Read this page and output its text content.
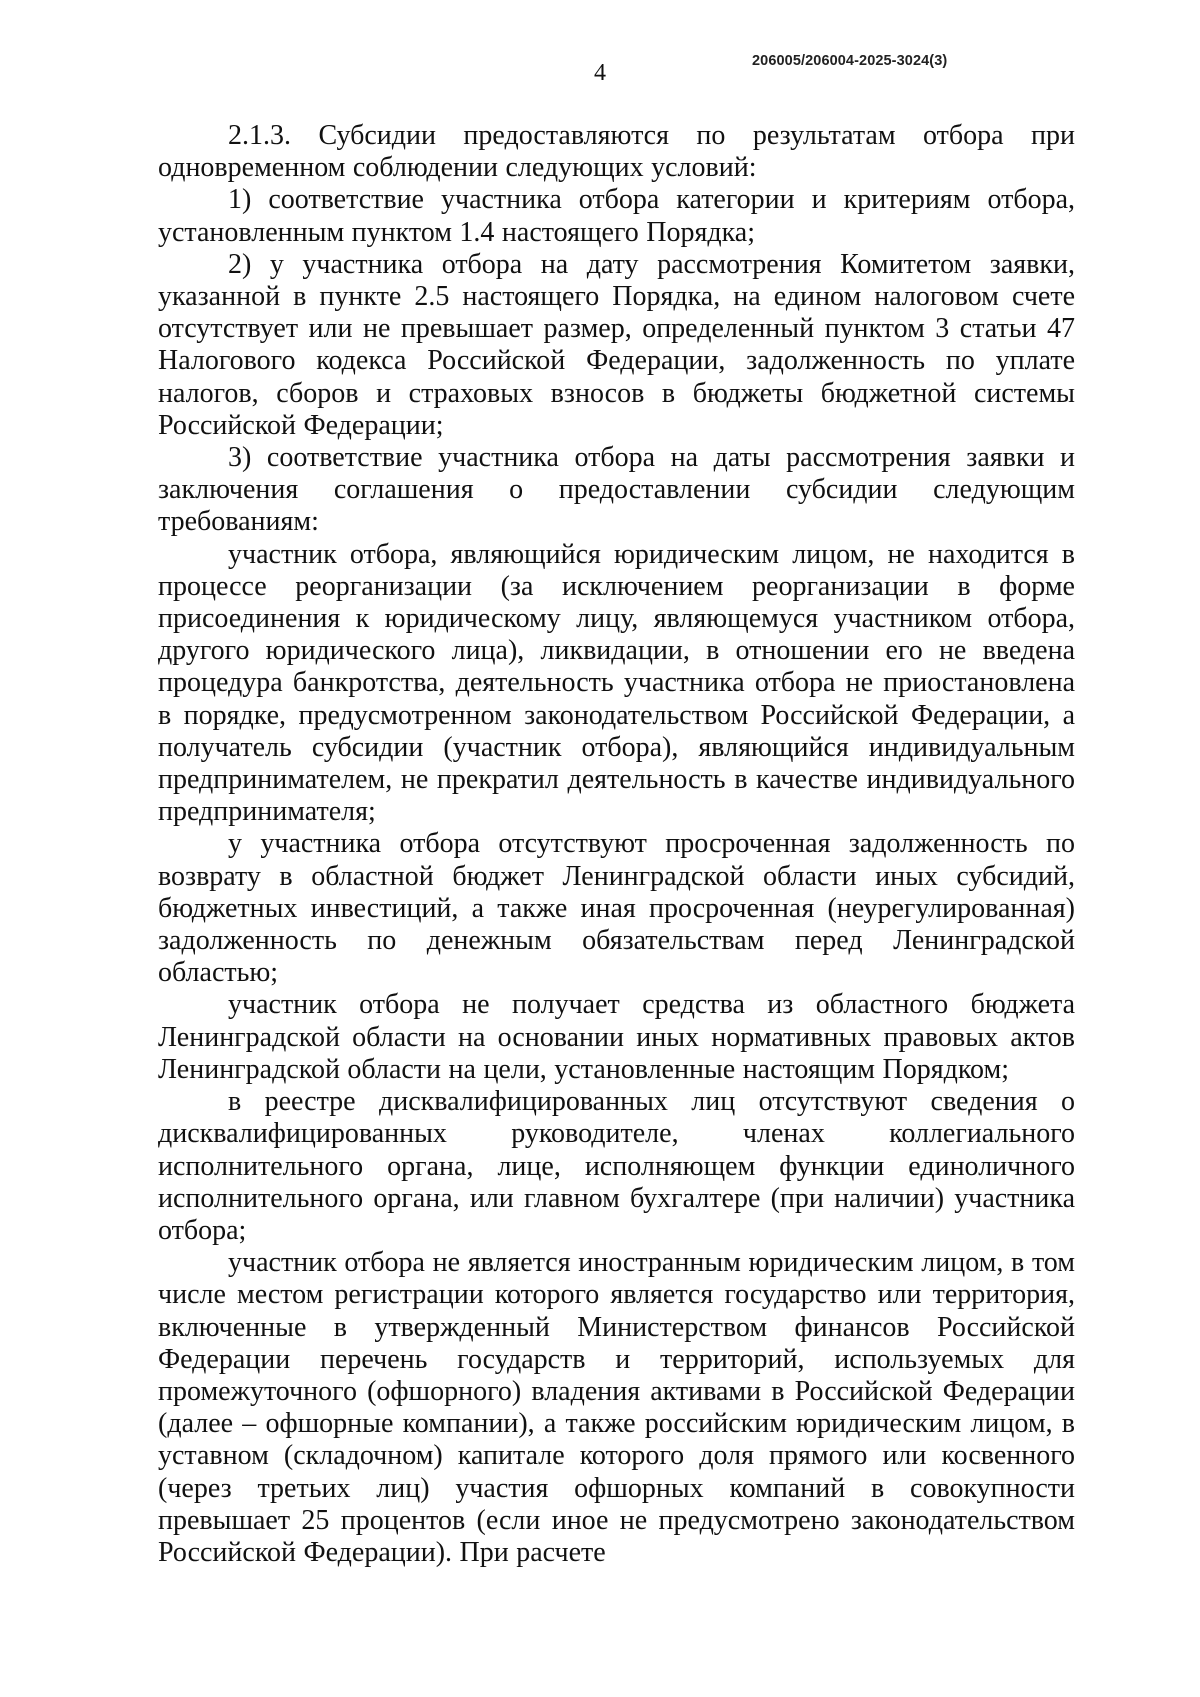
4	206005/206004-2025-3024(3)

2.1.3. Субсидии предоставляются по результатам отбора при одновременном соблюдении следующих условий:

1) соответствие участника отбора категории и критериям отбора, установленным пунктом 1.4 настоящего Порядка;

2) у участника отбора на дату рассмотрения Комитетом заявки, указанной в пункте 2.5 настоящего Порядка, на едином налоговом счете отсутствует или не превышает размер, определенный пунктом 3 статьи 47 Налогового кодекса Российской Федерации, задолженность по уплате налогов, сборов и страховых взносов в бюджеты бюджетной системы Российской Федерации;

3) соответствие участника отбора на даты рассмотрения заявки и заключения соглашения о предоставлении субсидии следующим требованиям:

участник отбора, являющийся юридическим лицом, не находится в процессе реорганизации (за исключением реорганизации в форме присоединения к юридическому лицу, являющемуся участником отбора, другого юридического лица), ликвидации, в отношении его не введена процедура банкротства, деятельность участника отбора не приостановлена в порядке, предусмотренном законодательством Российской Федерации, а получатель субсидии (участник отбора), являющийся индивидуальным предпринимателем, не прекратил деятельность в качестве индивидуального предпринимателя;

у участника отбора отсутствуют просроченная задолженность по возврату в областной бюджет Ленинградской области иных субсидий, бюджетных инвестиций, а также иная просроченная (неурегулированная) задолженность по денежным обязательствам перед Ленинградской областью;

участник отбора не получает средства из областного бюджета Ленинградской области на основании иных нормативных правовых актов Ленинградской области на цели, установленные настоящим Порядком;

в реестре дисквалифицированных лиц отсутствуют сведения о дисквалифицированных руководителе, членах коллегиального исполнительного органа, лице, исполняющем функции единоличного исполнительного органа, или главном бухгалтере (при наличии) участника отбора;

участник отбора не является иностранным юридическим лицом, в том числе местом регистрации которого является государство или территория, включенные в утвержденный Министерством финансов Российской Федерации перечень государств и территорий, используемых для промежуточного (офшорного) владения активами в Российской Федерации (далее – офшорные компании), а также российским юридическим лицом, в уставном (складочном) капитале которого доля прямого или косвенного (через третьих лиц) участия офшорных компаний в совокупности превышает 25 процентов (если иное не предусмотрено законодательством Российской Федерации). При расчете
